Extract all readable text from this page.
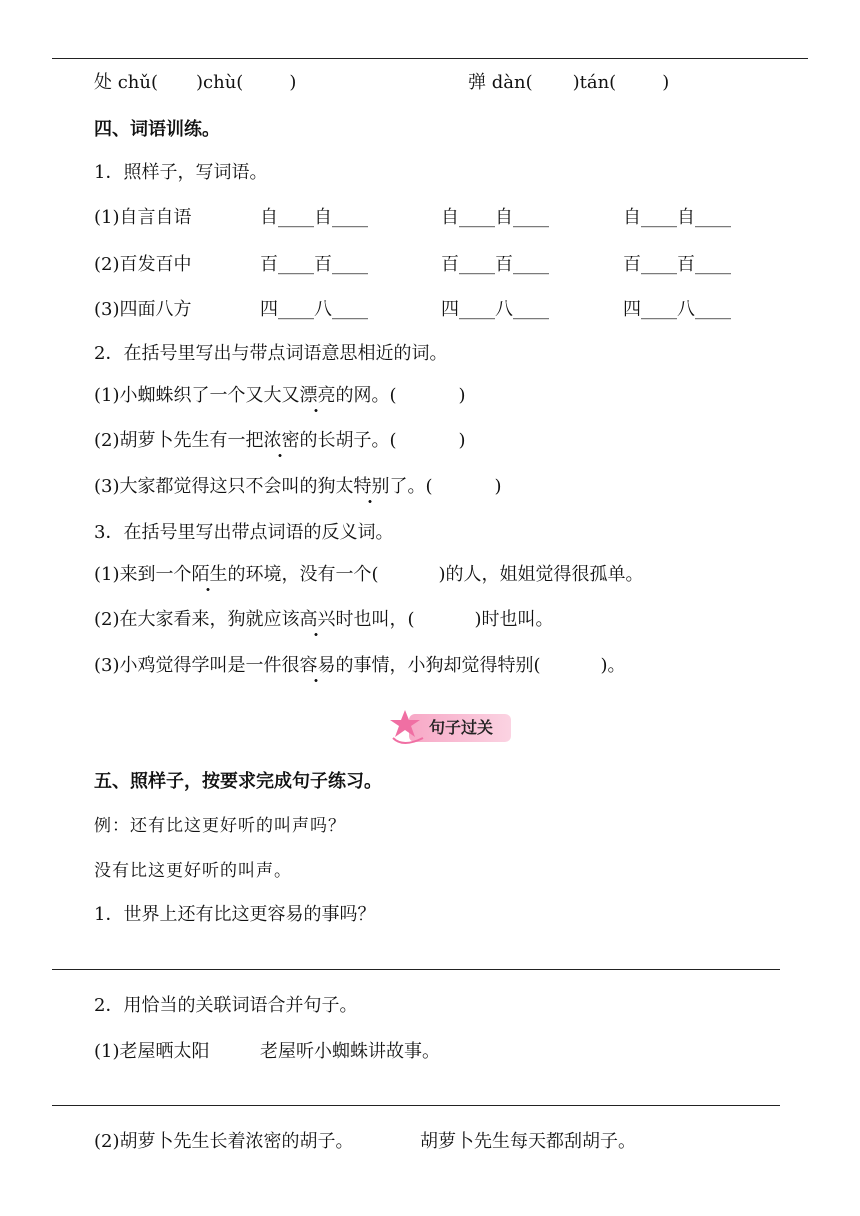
处 chǔ( )chù(	)	弹 dàn( )tán(	)
四、词语训练。
1．照样子，写词语。
(1)自言自语	自____自____	自____自____	自____自____
(2)百发百中	百____百____	百____百____	百____百____
(3)四面八方	四____八____	四____八____	四____八____
2．在括号里写出与带点词语意思相近的词。
(1)小蜘蛛织了一个又大又漂亮的网。(	)
(2)胡萝卜先生有一把浓密的长胡子。(	)
(3)大家都觉得这只不会叫的狗太特别了。(	)
3．在括号里写出带点词语的反义词。
(1)来到一个陌生的环境，没有一个(	)的人，姐姐觉得很孤单。
(2)在大家看来，狗就应该高兴时也叫，(	)时也叫。
(3)小鸡觉得学叫是一件很容易的事情，小狗却觉得特别(	)。
句子过关
五、照样子，按要求完成句子练习。
例：还有比这更好听的叫声吗？
没有比这更好听的叫声。
1．世界上还有比这更容易的事吗？
2．用恰当的关联词语合并句子。
(1)老屋晒太阳	老屋听小蜘蛛讲故事。
(2)胡萝卜先生长着浓密的胡子。	胡萝卜先生每天都刮胡子。
